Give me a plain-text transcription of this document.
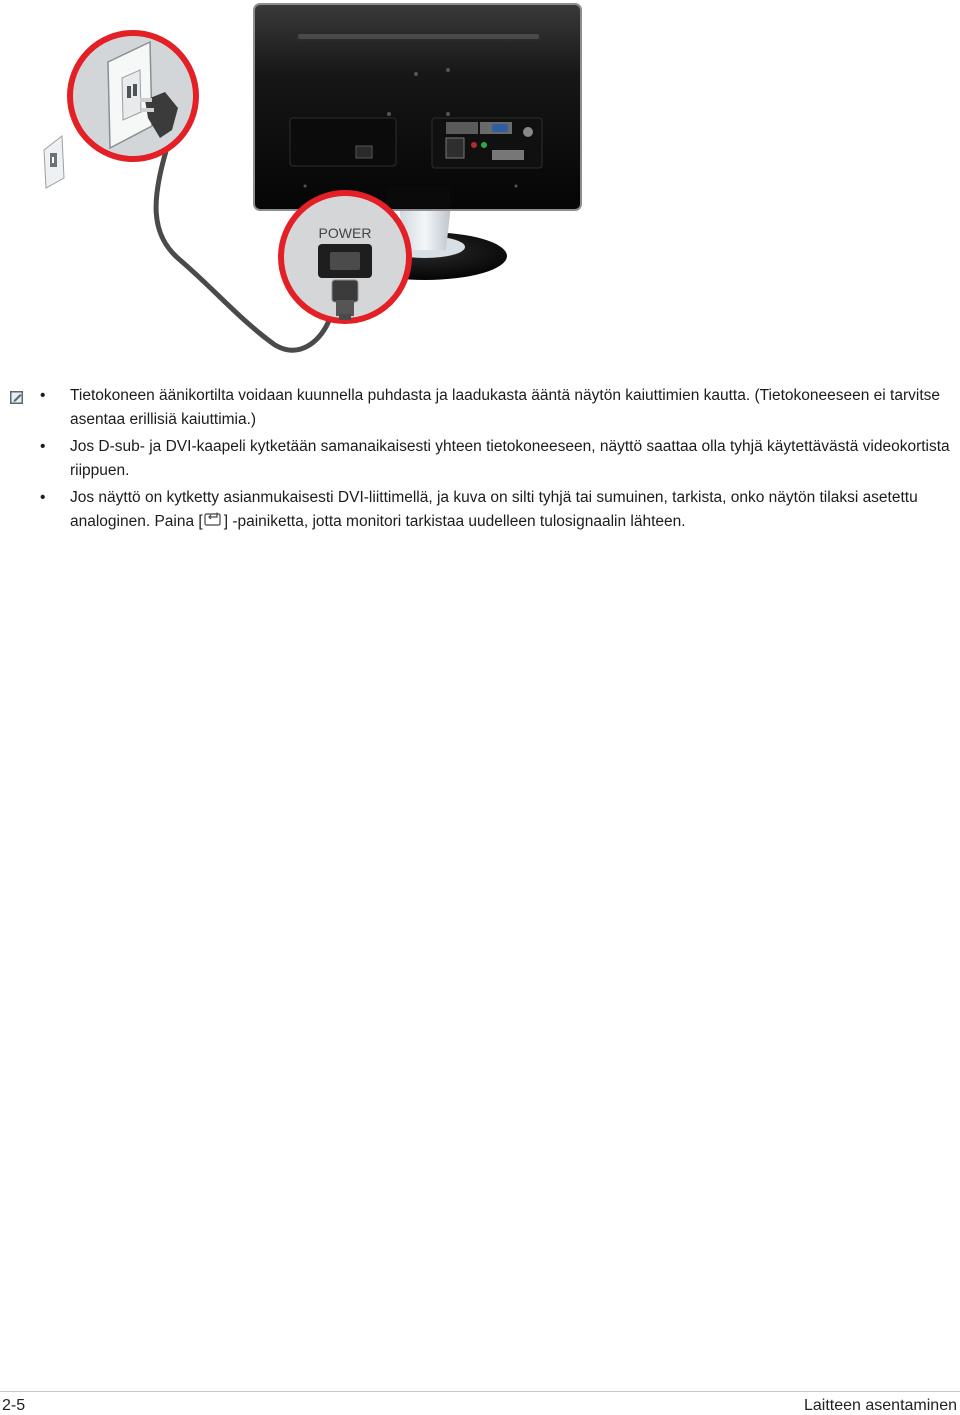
POWER
•	Tietokoneen äänikortilta voidaan kuunnella puhdasta ja laadukasta ääntä näytön kaiuttimien kautta. (Tietokoneeseen ei tarvitse asentaa erillisiä kaiuttimia.)
•	Jos D-sub- ja DVI-kaapeli kytketään samanaikaisesti yhteen tietokoneeseen, näyttö saattaa olla tyhjä käytettävästä videokortista riippuen.
•	Jos näyttö on kytketty asianmukaisesti DVI-liittimellä, ja kuva on silti tyhjä tai sumuinen, tarkista, onko näytön tilaksi asetettu analoginen. Paina [ ] -painiketta, jotta monitori tarkistaa uudelleen tulosignaalin lähteen.
2-5	Laitteen asentaminen
